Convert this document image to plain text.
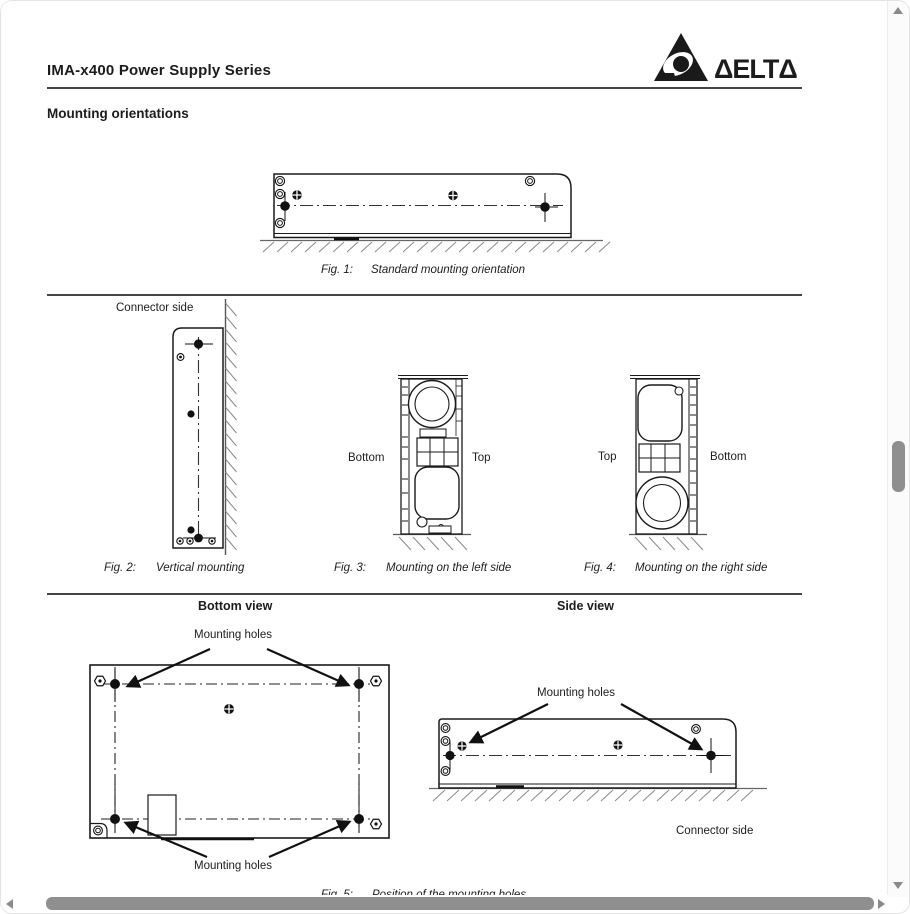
IMA-x400 Power Supply Series	ΔELTΔ
Mounting orientations
Fig. 1: Standard mounting orientation
Connector side
Bottom	Top	Top	Bottom
Fig. 2: Vertical mounting	Fig. 3: Mounting on the left side	Fig. 4: Mounting on the right side
Bottom view	Side view
Mounting holes
Mounting holes
Mounting holes
Connector side
